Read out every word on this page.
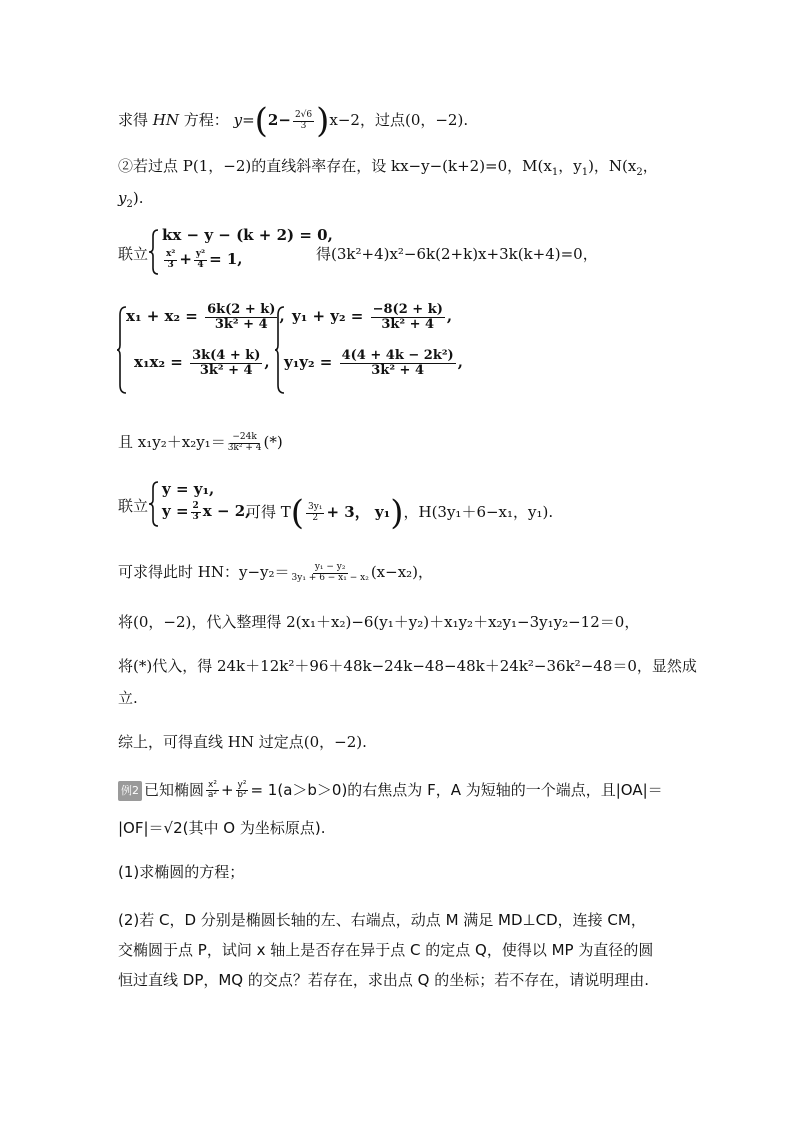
求得 HN 方程： $y=(2- \frac{2√6}{3} )x-2$，过点(0，−2).
②若过点 P(1，−2)的直线斜率存在，设 kx−y−(k+2)=0，$M(x_1$，$y_1$)，$N(x_2$，
$y_2$).
联立
kx − y − (k + 2) = 0,
$\frac{\text{x²}}{3} + \frac{\text{y²}}{4} = 1$,	得(3k²+4)x²−6k(2+k)x+3k(k+4)=0，
$x_1 + x_2 = \frac{6k(2 + k)}{\text{3k² + 4}}$ ,
$x_1x_2 = \frac{3k(4 + k)}{\text{3k² + 4}}$ ,
$y_1 + y_2 = \frac{-8(2 + k)}{\text{3k² + 4}}$ ,
$y_1y_2 = \frac{\text{4(4 + 4k − 2k²)}}{\text{3k² + 4}}$ ,
且 $x_1y_2+x_2y_1= \frac{-24k}{\text{3k² + 4}}$ (*)
联立
y = y₁,
$y = \frac{2}{3}$ x − 2,
可得 $T( \frac{\text{3y₁}}{2} + 3$， y₁)，H(3y₁＋6−x₁，y₁).
可求得此时 HN：$y-y_2= \frac{\text{y₁ − y₂}}{\text{3y₁ + 6 − x₁ − x₂}} (x-x_2)$，
将(0，−2)，代入整理得 2(x₁＋x₂)−6(y₁＋y₂)＋x₁y₂＋x₂y₁−3y₁y₂−12＝0，
将(*)代入，得 24k＋12k²＋96＋48k−24k−48−48k＋24k²−36k²−48＝0，显然成
立.
综上，可得直线 HN 过定点(0，−2).
例2 已知椭圆 $\frac{\text{x²}}{\text{a²}} + \frac{\text{y²}}{\text{b²}} = 1(a>b>0)$的右焦点为 F，A 为短轴的一个端点，且|OA|＝
|OF|＝√2(其中 O 为坐标原点).
(1)求椭圆的方程；
(2)若 C，D 分别是椭圆长轴的左、右端点，动点 M 满足 MD⊥CD，连接 CM，
交椭圆于点 P，试问 x 轴上是否存在异于点 C 的定点 Q，使得以 MP 为直径的圆
恒过直线 DP，MQ 的交点？若存在，求出点 Q 的坐标；若不存在，请说明理由.
